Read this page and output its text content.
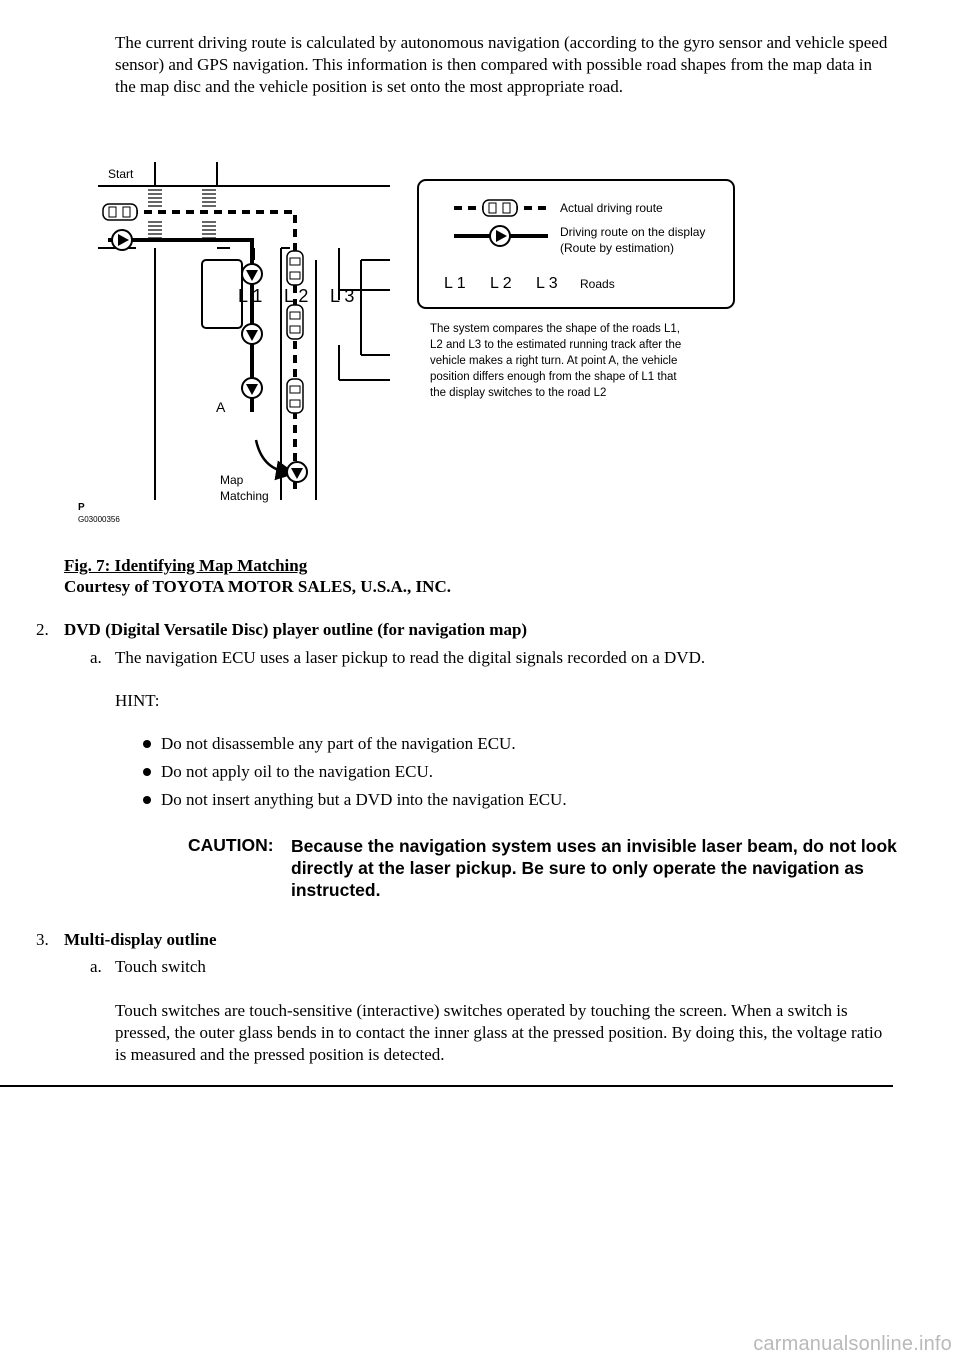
The current driving route is calculated by autonomous navigation (according to the gyro sensor and vehicle speed sensor) and GPS navigation. This information is then compared with possible road shapes from the map data in the map disc and the vehicle position is set onto the most appropriate road.
Start
L 1 L 2 L 3
A
Map
Matching
P
G03000356
Actual driving route
Driving route on the display
(Route by estimation)
L 1 L 2 L 3 Roads
The system compares the shape of the roads L1,
L2 and L3 to the estimated running track after the
vehicle makes a right turn. At point A, the vehicle
position differs enough from the shape of L1 that
the display switches to the road L2
Fig. 7: Identifying Map Matching
Courtesy of TOYOTA MOTOR SALES, U.S.A., INC.
2. DVD (Digital Versatile Disc) player outline (for navigation map)
a. The navigation ECU uses a laser pickup to read the digital signals recorded on a DVD.
HINT:
Do not disassemble any part of the navigation ECU.
Do not apply oil to the navigation ECU.
Do not insert anything but a DVD into the navigation ECU.
CAUTION: Because the navigation system uses an invisible laser beam, do not look directly at the laser pickup. Be sure to only operate the navigation as instructed.
3. Multi-display outline
a. Touch switch
Touch switches are touch-sensitive (interactive) switches operated by touching the screen. When a switch is pressed, the outer glass bends in to contact the inner glass at the pressed position. By doing this, the voltage ratio is measured and the pressed position is detected.
carmanualsonline.info
